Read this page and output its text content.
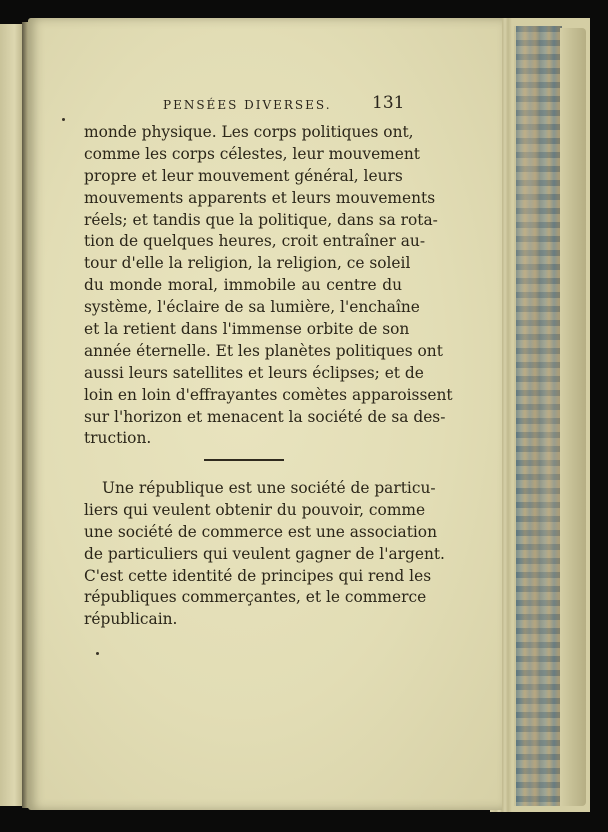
PENSÉES DIVERSES. 131
monde physique. Les corps politiques ont,
comme les corps célestes, leur mouvement
propre et leur mouvement général, leurs
mouvements apparents et leurs mouvements
réels; et tandis que la politique, dans sa rota-
tion de quelques heures, croit entraîner au-
tour d'elle la religion, la religion, ce soleil
du monde moral, immobile au centre du
système, l'éclaire de sa lumière, l'enchaîne
et la retient dans l'immense orbite de son
année éternelle. Et les planètes politiques ont
aussi leurs satellites et leurs éclipses; et de
loin en loin d'effrayantes comètes apparoissent
sur l'horizon et menacent la société de sa des-
truction.
Une république est une société de particu-
liers qui veulent obtenir du pouvoir, comme
une société de commerce est une association
de particuliers qui veulent gagner de l'argent.
C'est cette identité de principes qui rend les
républiques commerçantes, et le commerce
républicain.
